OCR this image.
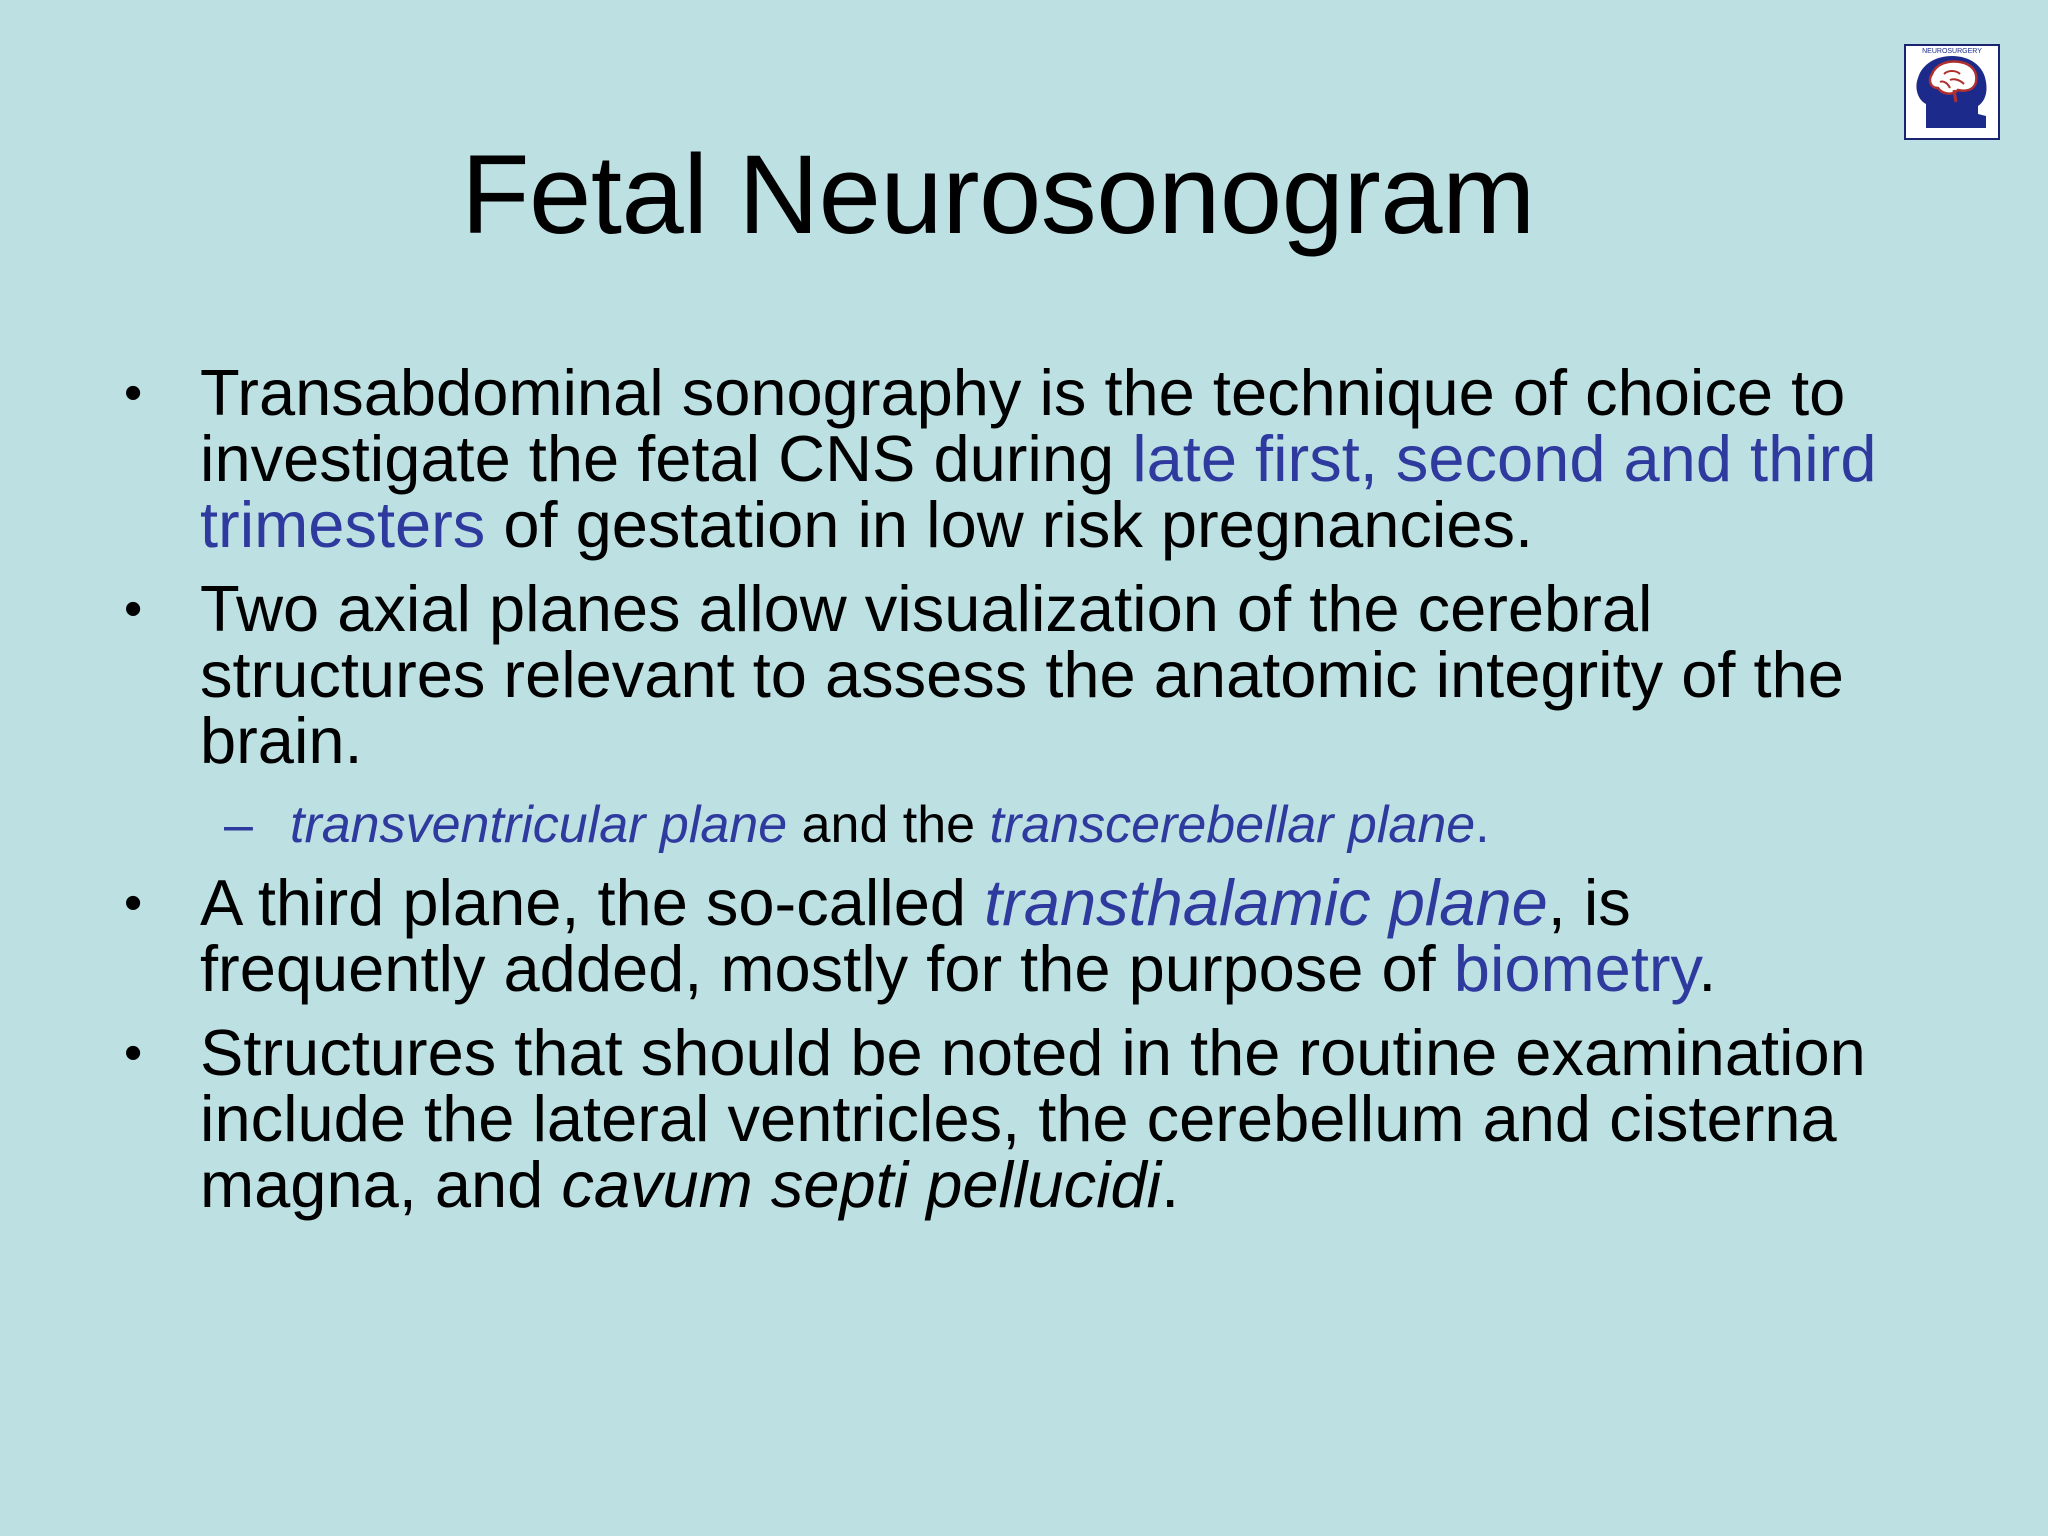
NEUROSURGERY
SUNGAI BULOH
Fetal Neurosonogram
• Transabdominal sonography is the technique of choice to investigate the fetal CNS during late first, second and third trimesters of gestation in low risk pregnancies.
• Two axial planes allow visualization of the cerebral structures relevant to assess the anatomic integrity of the brain.
– transventricular plane and the transcerebellar plane.
• A third plane, the so-called transthalamic plane, is frequently added, mostly for the purpose of biometry.
• Structures that should be noted in the routine examination include the lateral ventricles, the cerebellum and cisterna magna, and cavum septi pellucidi.
